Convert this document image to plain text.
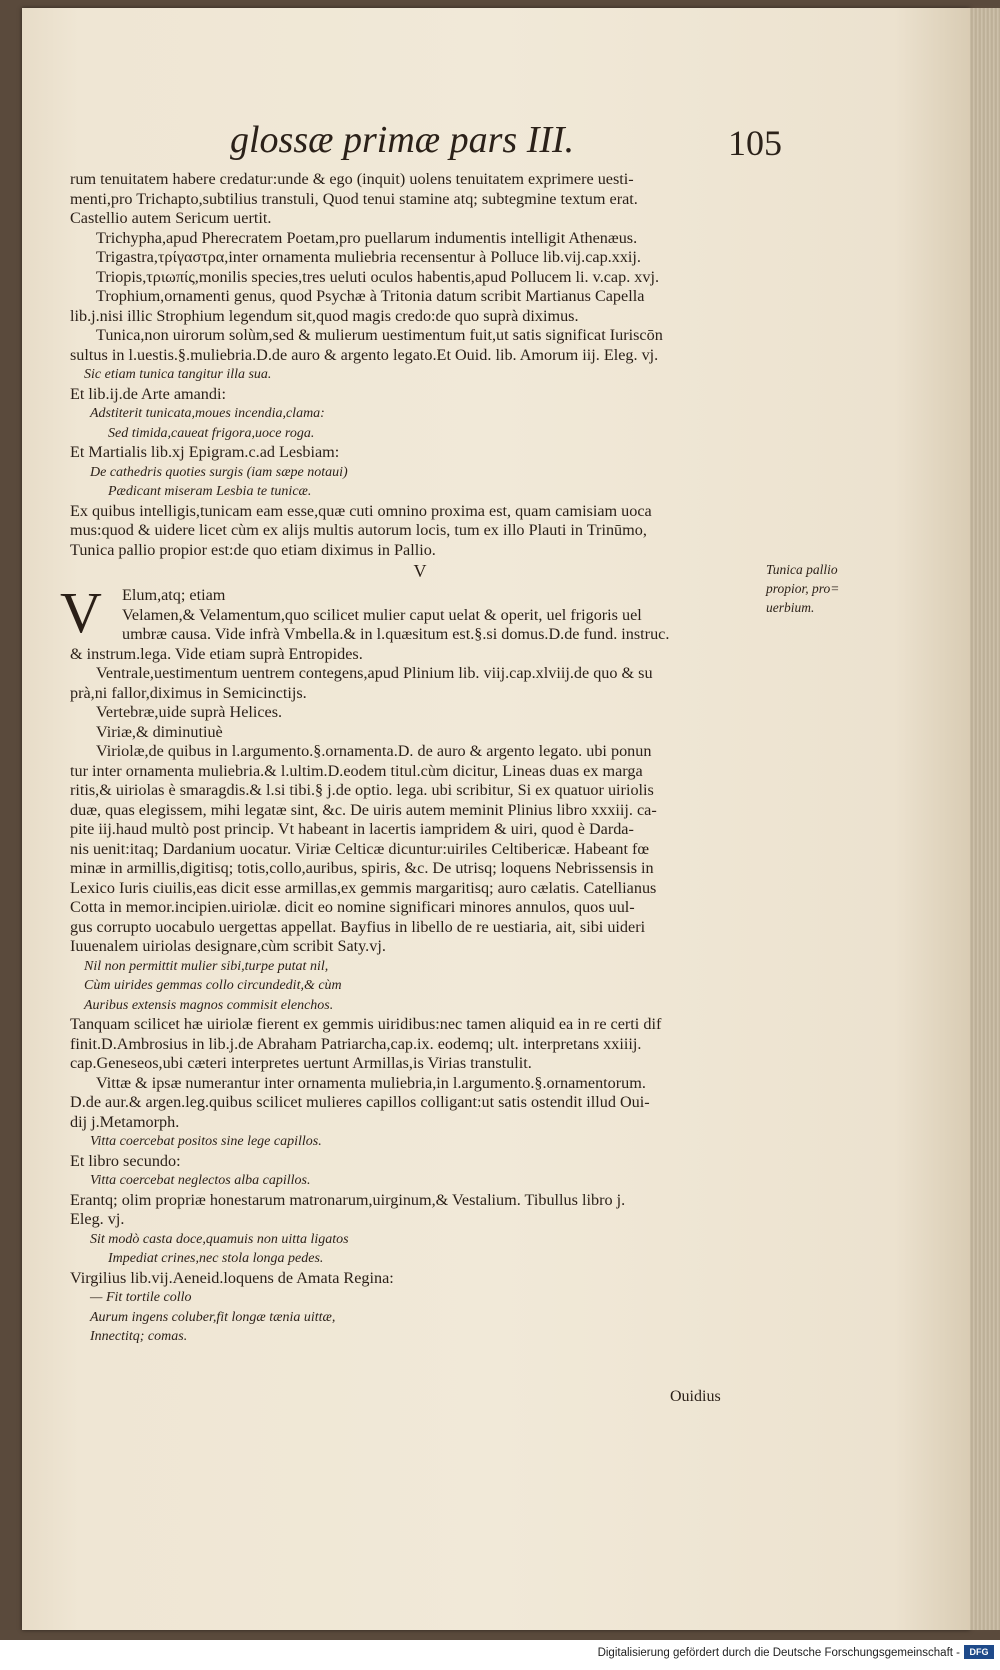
glossæ primæ pars III.	105
rum tenuitatem habere credatur:unde & ego (inquit) uolens tenuitatem exprimere uesti-
menti,pro Trichapto,subtilius transtuli, Quod tenui stamine atq; subtegmine textum erat.
Castellio autem Sericum uertit.
Trichypha,apud Pherecratem Poetam,pro puellarum indumentis intelligit Athenæus.
Trigastra,τρίγαστρα,inter ornamenta muliebria recensentur à Polluce lib.vij.cap.xxij.
Triopis,τριωπίς,monilis species,tres ueluti oculos habentis,apud Pollucem li. v.cap. xvj.
Trophium,ornamenti genus, quod Psychæ à Tritonia datum scribit Martianus Capella
lib.j.nisi illic Strophium legendum sit,quod magis credo:de quo suprà diximus.
Tunica,non uirorum solùm,sed & mulierum uestimentum fuit,ut satis significat Iuriscōn
sultus in l.uestis.§.muliebria.D.de auro & argento legato.Et Ouid. lib. Amorum iij. Eleg. vj.
Sic etiam tunica tangitur illa sua.
Et lib.ij.de Arte amandi:
Adstiterit tunicata,moues incendia,clama:
Sed timida,caueat frigora,uoce roga.
Et Martialis lib.xj Epigram.c.ad Lesbiam:
De cathedris quoties surgis (iam sæpe notaui)
Pædicant miseram Lesbia te tunicæ.
Ex quibus intelligis,tunicam eam esse,quæ cuti omnino proxima est, quam camisiam uoca
mus:quod & uidere licet cùm ex alijs multis autorum locis, tum ex illo Plauti in Trinūmo,
Tunica pallio propior est:de quo etiam diximus in Pallio.
V
V	Elum,atq; etiam
Velamen,& Velamentum,quo scilicet mulier caput uelat & operit, uel frigoris uel
umbræ causa. Vide infrà Vmbella.& in l.quæsitum est.§.si domus.D.de fund. instruc.
& instrum.lega. Vide etiam suprà Entropides.
Ventrale,uestimentum uentrem contegens,apud Plinium lib. viij.cap.xlviij.de quo & su
prà,ni fallor,diximus in Semicinctijs.
Vertebræ,uide suprà Helices.
Viriæ,& diminutiuè
Viriolæ,de quibus in l.argumento.§.ornamenta.D. de auro & argento legato. ubi ponun
tur inter ornamenta muliebria.& l.ultim.D.eodem titul.cùm dicitur, Lineas duas ex marga
ritis,& uiriolas è smaragdis.& l.si tibi.§ j.de optio. lega. ubi scribitur, Si ex quatuor uiriolis
duæ, quas elegissem, mihi legatæ sint, &c. De uiris autem meminit Plinius libro xxxiij. ca-
pite iij.haud multò post princip. Vt habeant in lacertis iampridem & uiri, quod è Darda-
nis uenit:itaq; Dardanium uocatur. Viriæ Celticæ dicuntur:uiriles Celtibericæ. Habeant fœ
minæ in armillis,digitisq; totis,collo,auribus, spiris, &c. De utrisq; loquens Nebrissensis in
Lexico Iuris ciuilis,eas dicit esse armillas,ex gemmis margaritisq; auro cælatis. Catellianus
Cotta in memor.incipien.uiriolæ. dicit eo nomine significari minores annulos, quos uul-
gus corrupto uocabulo uergettas appellat. Bayfius in libello de re uestiaria, ait, sibi uideri
Iuuenalem uiriolas designare,cùm scribit Saty.vj.
Nil non permittit mulier sibi,turpe putat nil,
Cùm uirides gemmas collo circundedit,& cùm
Auribus extensis magnos commisit elenchos.
Tanquam scilicet hæ uiriolæ fierent ex gemmis uiridibus:nec tamen aliquid ea in re certi dif
finit.D.Ambrosius in lib.j.de Abraham Patriarcha,cap.ix. eodemq; ult. interpretans xxiiij.
cap.Geneseos,ubi cæteri interpretes uertunt Armillas,is Virias transtulit.
Vittæ & ipsæ numerantur inter ornamenta muliebria,in l.argumento.§.ornamentorum.
D.de aur.& argen.leg.quibus scilicet mulieres capillos colligant:ut satis ostendit illud Oui-
dij j.Metamorph.
Vitta coercebat positos sine lege capillos.
Et libro secundo:
Vitta coercebat neglectos alba capillos.
Erantq; olim propriæ honestarum matronarum,uirginum,& Vestalium. Tibullus libro j.
Eleg. vj.
Sit modò casta doce,quamuis non uitta ligatos
Impediat crines,nec stola longa pedes.
Virgilius lib.vij.Aeneid.loquens de Amata Regina:
— Fit tortile collo
Aurum ingens coluber,fit longæ tænia uittæ,
Innectitq; comas.
Tunica pallio
propior, pro=
uerbium.
Ouidius
Digitalisierung gefördert durch die Deutsche Forschungsgemeinschaft -	DFG
